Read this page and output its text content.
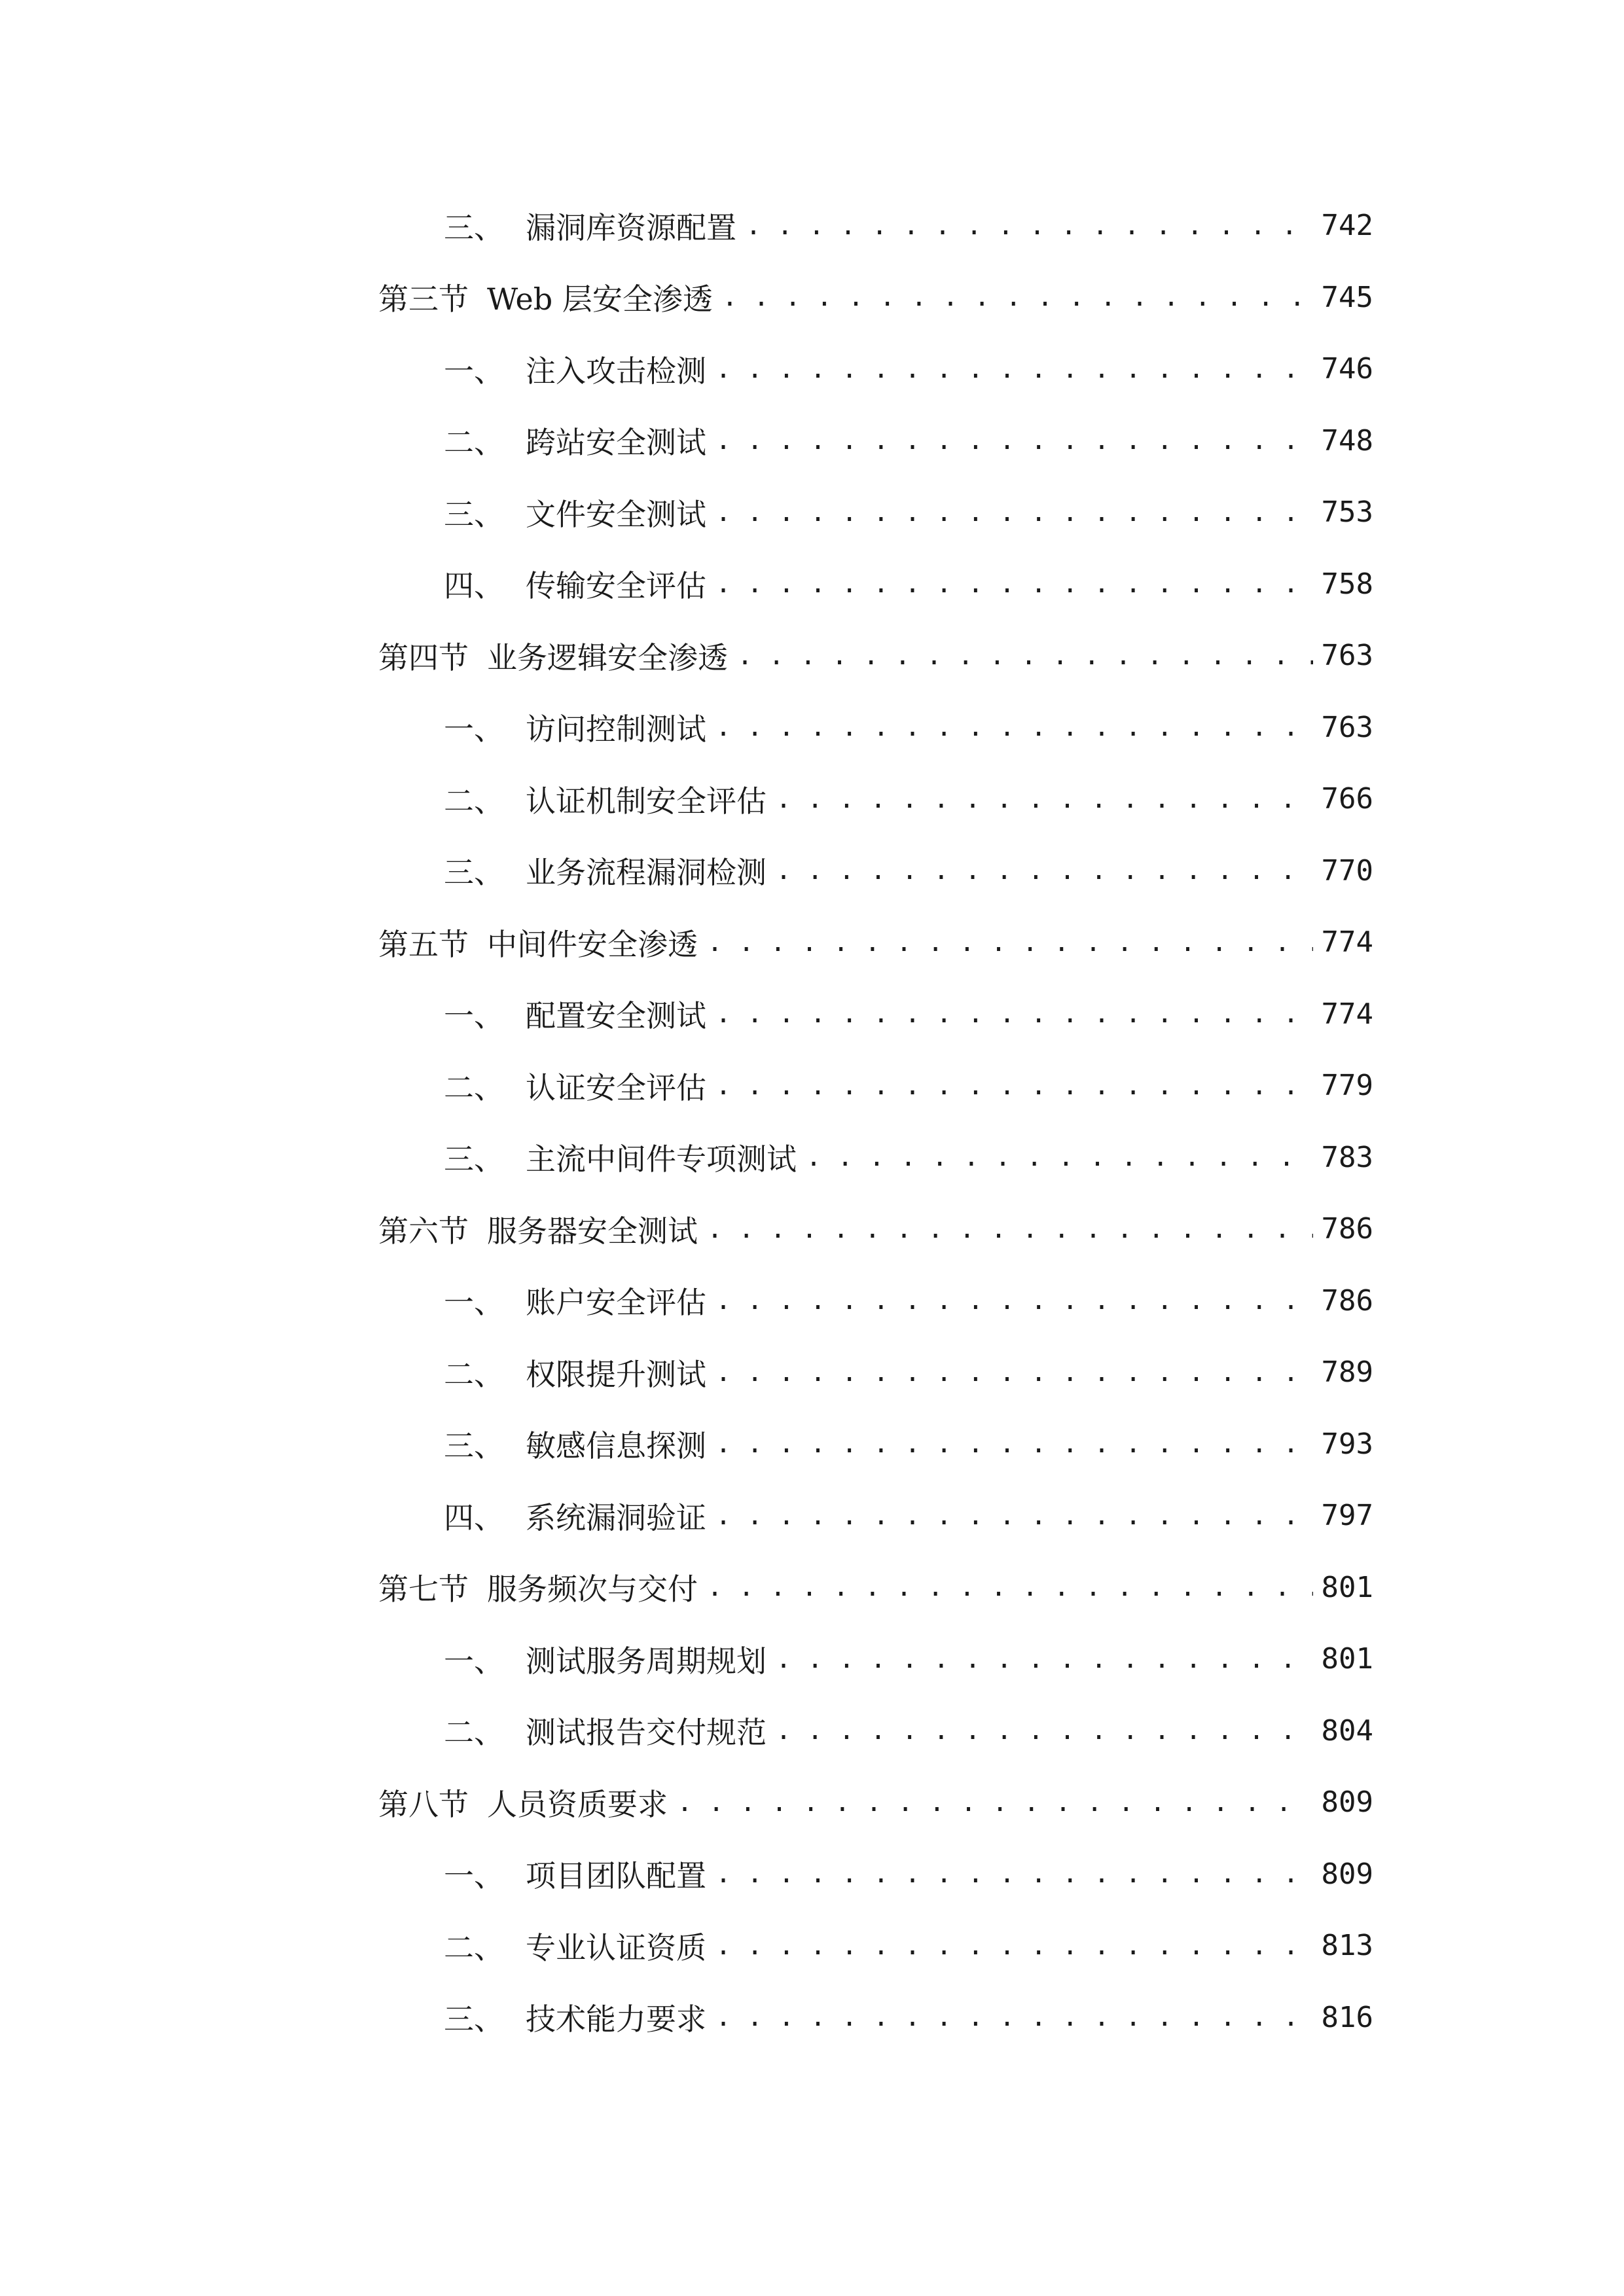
三、 漏洞库资源配置 . . .	742
第三节 Web 层安全渗透 . . .	745
一、 注入攻击检测 . . .	746
二、 跨站安全测试 . . .	748
三、 文件安全测试 . . .	753
四、 传输安全评估 . . .	758
第四节 业务逻辑安全渗透 . . .	763
一、 访问控制测试 . . .	763
二、 认证机制安全评估 . . .	766
三、 业务流程漏洞检测 . . .	770
第五节 中间件安全渗透 . . .	774
一、 配置安全测试 . . .	774
二、 认证安全评估 . . .	779
三、 主流中间件专项测试 . . .	783
第六节 服务器安全测试 . . .	786
一、 账户安全评估 . . .	786
二、 权限提升测试 . . .	789
三、 敏感信息探测 . . .	793
四、 系统漏洞验证 . . .	797
第七节 服务频次与交付 . . .	801
一、 测试服务周期规划 . . .	801
二、 测试报告交付规范 . . .	804
第八节 人员资质要求 . . .	809
一、 项目团队配置 . . .	809
二、 专业认证资质 . . .	813
三、 技术能力要求 . . .	816
